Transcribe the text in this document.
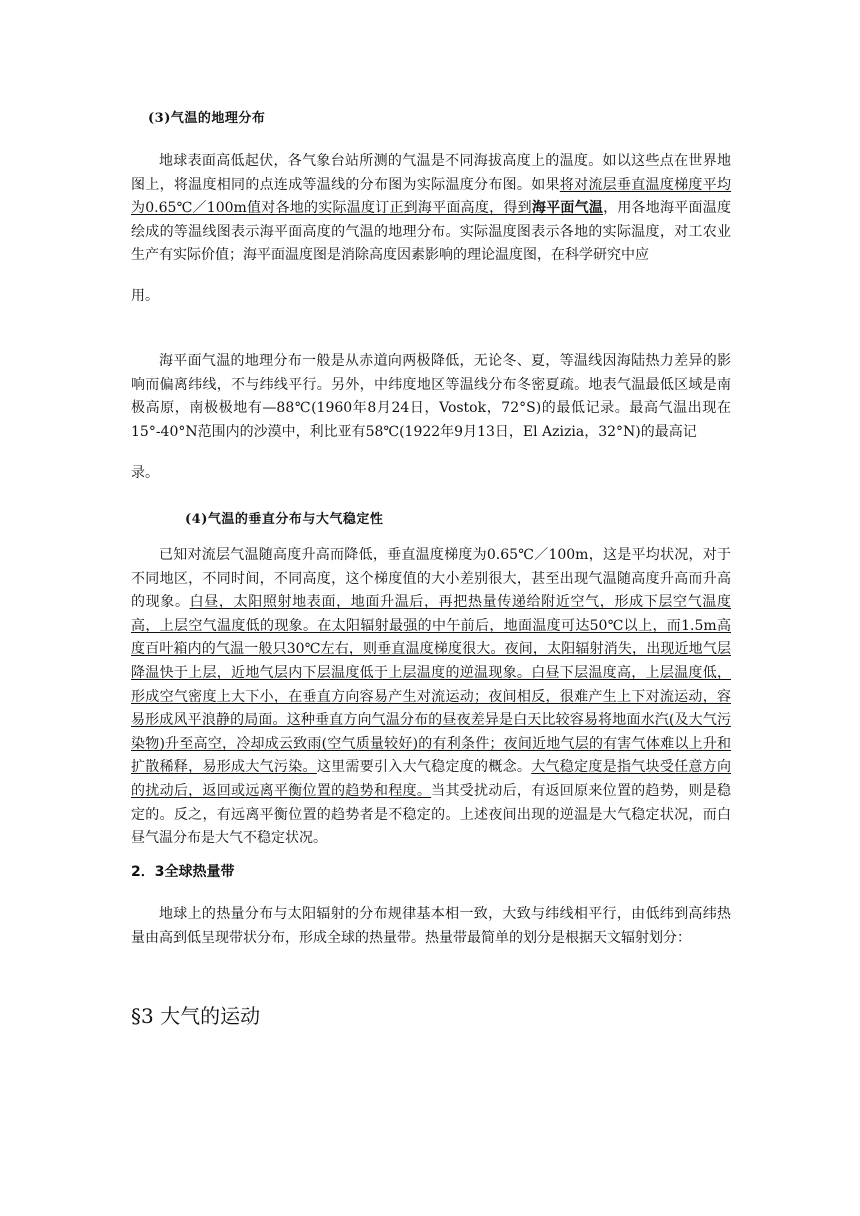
(3)气温的地理分布

地球表面高低起伏，各气象台站所测的气温是不同海拔高度上的温度。如以这些点在世界地图上，将温度相同的点连成等温线的分布图为实际温度分布图。如果将对流层垂直温度梯度平均为0.65℃／100m值对各地的实际温度订正到海平面高度，得到海平面气温，用各地海平面温度绘成的等温线图表示海平面高度的气温的地理分布。实际温度图表示各地的实际温度，对工农业生产有实际价值；海平面温度图是消除高度因素影响的理论温度图，在科学研究中应

用。

海平面气温的地理分布一般是从赤道向两极降低，无论冬、夏，等温线因海陆热力差异的影响而偏离纬线，不与纬线平行。另外，中纬度地区等温线分布冬密夏疏。地表气温最低区域是南极高原，南极极地有—88℃(1960年8月24日，Vostok，72°S)的最低记录。最高气温出现在15°-40°N范围内的沙漠中，利比亚有58℃(1922年9月13日，El Azizia，32°N)的最高记

录。

(4)气温的垂直分布与大气稳定性

已知对流层气温随高度升高而降低，垂直温度梯度为0.65℃／100m，这是平均状况，对于不同地区，不同时间，不同高度，这个梯度值的大小差别很大，甚至出现气温随高度升高而升高的现象。白昼，太阳照射地表面，地面升温后，再把热量传递给附近空气，形成下层空气温度高，上层空气温度低的现象。在太阳辐射最强的中午前后，地面温度可达50℃以上，而1.5m高度百叶箱内的气温一般只30℃左右，则垂直温度梯度很大。夜间，太阳辐射消失，出现近地气层降温快于上层，近地气层内下层温度低于上层温度的逆温现象。白昼下层温度高，上层温度低，形成空气密度上大下小，在垂直方向容易产生对流运动；夜间相反，很难产生上下对流运动，容易形成风平浪静的局面。这种垂直方向气温分布的昼夜差异是白天比较容易将地面水汽(及大气污染物)升至高空，冷却成云致雨(空气质量较好)的有利条件；夜间近地气层的有害气体难以上升和扩散稀释，易形成大气污染。这里需要引入大气稳定度的概念。大气稳定度是指气块受任意方向的扰动后，返回或远离平衡位置的趋势和程度。当其受扰动后，有返回原来位置的趋势，则是稳定的。反之，有远离平衡位置的趋势者是不稳定的。上述夜间出现的逆温是大气稳定状况，而白昼气温分布是大气不稳定状况。

2．3全球热量带

地球上的热量分布与太阳辐射的分布规律基本相一致，大致与纬线相平行，由低纬到高纬热量由高到低呈现带状分布，形成全球的热量带。热量带最简单的划分是根据天文辐射划分：

§3 大气的运动
